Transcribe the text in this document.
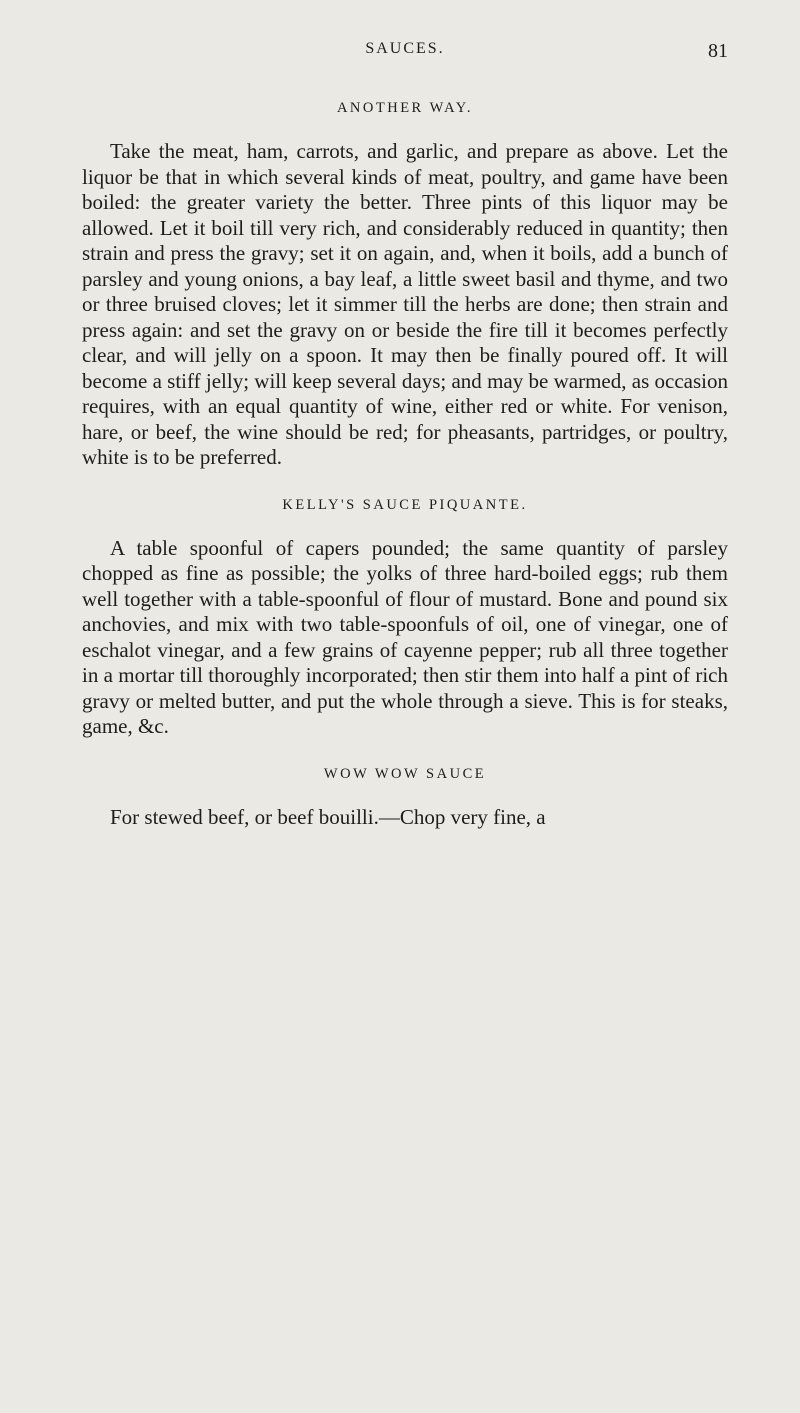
SAUCES.	81
ANOTHER WAY.

Take the meat, ham, carrots, and garlic, and prepare as above. Let the liquor be that in which several kinds of meat, poultry, and game have been boiled: the greater variety the better. Three pints of this liquor may be allowed. Let it boil till very rich, and considerably reduced in quantity; then strain and press the gravy; set it on again, and, when it boils, add a bunch of parsley and young onions, a bay leaf, a little sweet basil and thyme, and two or three bruised cloves; let it simmer till the herbs are done; then strain and press again: and set the gravy on or beside the fire till it becomes perfectly clear, and will jelly on a spoon. It may then be finally poured off. It will become a stiff jelly; will keep several days; and may be warmed, as occasion requires, with an equal quantity of wine, either red or white. For venison, hare, or beef, the wine should be red; for pheasants, partridges, or poultry, white is to be preferred.

KELLY'S SAUCE PIQUANTE.

A table spoonful of capers pounded; the same quantity of parsley chopped as fine as possible; the yolks of three hard-boiled eggs; rub them well together with a table-spoonful of flour of mustard. Bone and pound six anchovies, and mix with two table-spoonfuls of oil, one of vinegar, one of eschalot vinegar, and a few grains of cayenne pepper; rub all three together in a mortar till thoroughly incorporated; then stir them into half a pint of rich gravy or melted butter, and put the whole through a sieve. This is for steaks, game, &c.

WOW WOW SAUCE

For stewed beef, or beef bouilli.—Chop very fine, a
